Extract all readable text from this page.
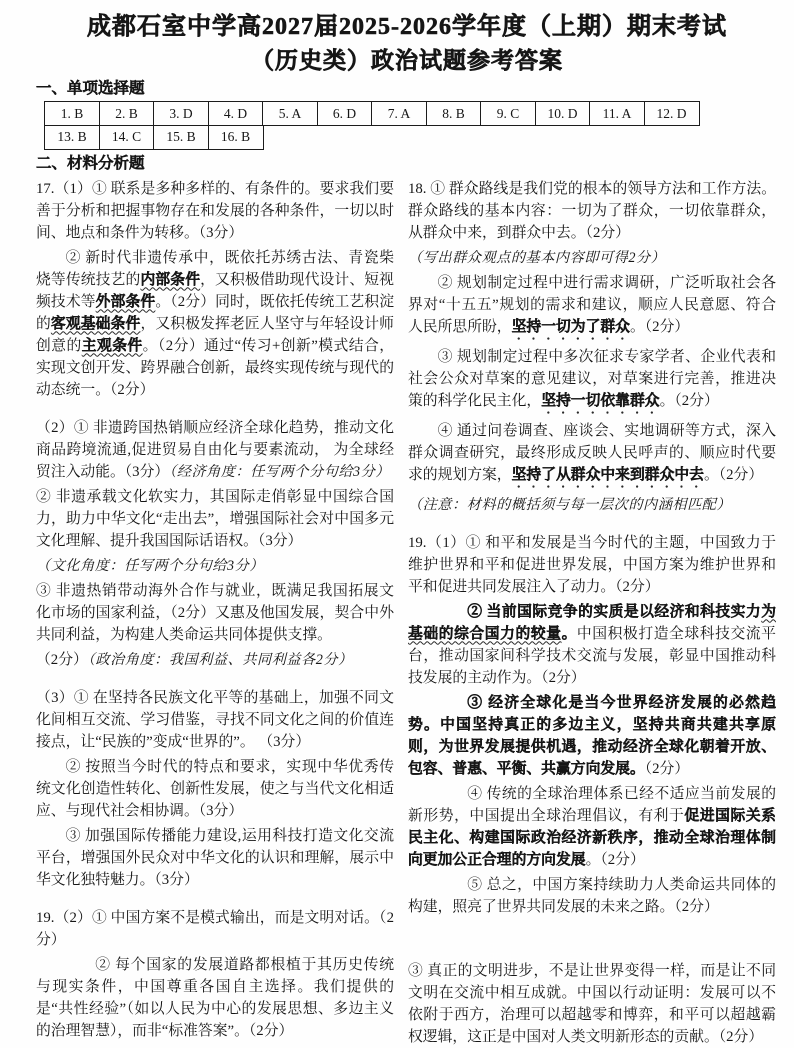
成都石室中学高2027届2025-2026学年度（上期）期末考试
（历史类）政治试题参考答案
一、单项选择题
1. B	2. B	3. D	4. D	5. A	6. D	7. A	8. B	9. C	10. D	11. A	12. D
13. B	14. C	15. B	16. B
二、材料分析题

17.（1）① 联系是多种多样的、有条件的。要求我们要善于分析和把握事物存在和发展的各种条件，一切以时间、地点和条件为转移。（3分）

② 新时代非遗传承中，既依托苏绣古法、青瓷柴烧等传统技艺的内部条件，又积极借助现代设计、短视频技术等外部条件。（2分）同时，既依托传统工艺积淀的客观基础条件，又积极发挥老匠人坚守与年轻设计师创意的主观条件。（2分）通过“传习+创新”模式结合，实现文创开发、跨界融合创新，最终实现传统与现代的动态统一。（2分）

（2）① 非遗跨国热销顺应经济全球化趋势，推动文化商品跨境流通,促进贸易自由化与要素流动， 为全球经贸注入动能。（3分）（经济角度：任写两个分句给3分）

② 非遗承载文化软实力，其国际走俏彰显中国综合国力，助力中华文化“走出去”，增强国际社会对中国多元文化理解、提升我国国际话语权。（3分）

（文化角度：任写两个分句给3分）

③ 非遗热销带动海外合作与就业，既满足我国拓展文化市场的国家利益，（2分）又惠及他国发展，契合中外共同利益，为构建人类命运共同体提供支撑。

（2分）（政治角度：我国利益、共同利益各2分）

（3）① 在坚持各民族文化平等的基础上，加强不同文化间相互交流、学习借鉴，寻找不同文化之间的价值连接点，让“民族的”变成“世界的”。 （3分）

② 按照当今时代的特点和要求，实现中华优秀传统文化创造性转化、创新性发展，使之与当代文化相适应、与现代社会相协调。（3分）

③ 加强国际传播能力建设,运用科技打造文化交流平台，增强国外民众对中华文化的认识和理解，展示中华文化独特魅力。（3分）

19.（2）① 中国方案不是模式输出，而是文明对话。（2分）

② 每个国家的发展道路都根植于其历史传统与现实条件，中国尊重各国自主选择。我们提供的是“共性经验”（如以人民为中心的发展思想、多边主义的治理智慧），而非“标准答案”。（2分）

18. ① 群众路线是我们党的根本的领导方法和工作方法。群众路线的基本内容：一切为了群众，一切依靠群众，从群众中来，到群众中去。（2分）

（写出群众观点的基本内容即可得2分）

② 规划制定过程中进行需求调研，广泛听取社会各界对“十五五”规划的需求和建议，顺应人民意愿、符合人民所思所盼，坚持一切为了群众。（2分）

③ 规划制定过程中多次征求专家学者、企业代表和社会公众对草案的意见建议，对草案进行完善，推进决策的科学化民主化，坚持一切依靠群众。（2分）

④ 通过问卷调查、座谈会、实地调研等方式，深入群众调查研究，最终形成反映人民呼声的、顺应时代要求的规划方案，坚持了从群众中来到群众中去。（2分）

（注意：材料的概括须与每一层次的内涵相匹配）

19.（1）① 和平和发展是当今时代的主题，中国致力于维护世界和平和促进世界发展，中国方案为维护世界和平和促进共同发展注入了动力。（2分）

② 当前国际竞争的实质是以经济和科技实力为基础的综合国力的较量。中国积极打造全球科技交流平台，推动国家间科学技术交流与发展，彰显中国推动科技发展的主动作为。（2分）

③ 经济全球化是当今世界经济发展的必然趋势。中国坚持真正的多边主义，坚持共商共建共享原则，为世界发展提供机遇，推动经济全球化朝着开放、包容、普惠、平衡、共赢方向发展。（2分）

④ 传统的全球治理体系已经不适应当前发展的新形势，中国提出全球治理倡议，有利于促进国际关系民主化、构建国际政治经济新秩序，推动全球治理体制向更加公正合理的方向发展。（2分）

⑤ 总之，中国方案持续助力人类命运共同体的构建，照亮了世界共同发展的未来之路。（2分）

③ 真正的文明进步，不是让世界变得一样，而是让不同文明在交流中相互成就。中国以行动证明：发展可以不依附于西方，治理可以超越零和博弈，和平可以超越霸权逻辑，这正是中国对人类文明新形态的贡献。（2分）
